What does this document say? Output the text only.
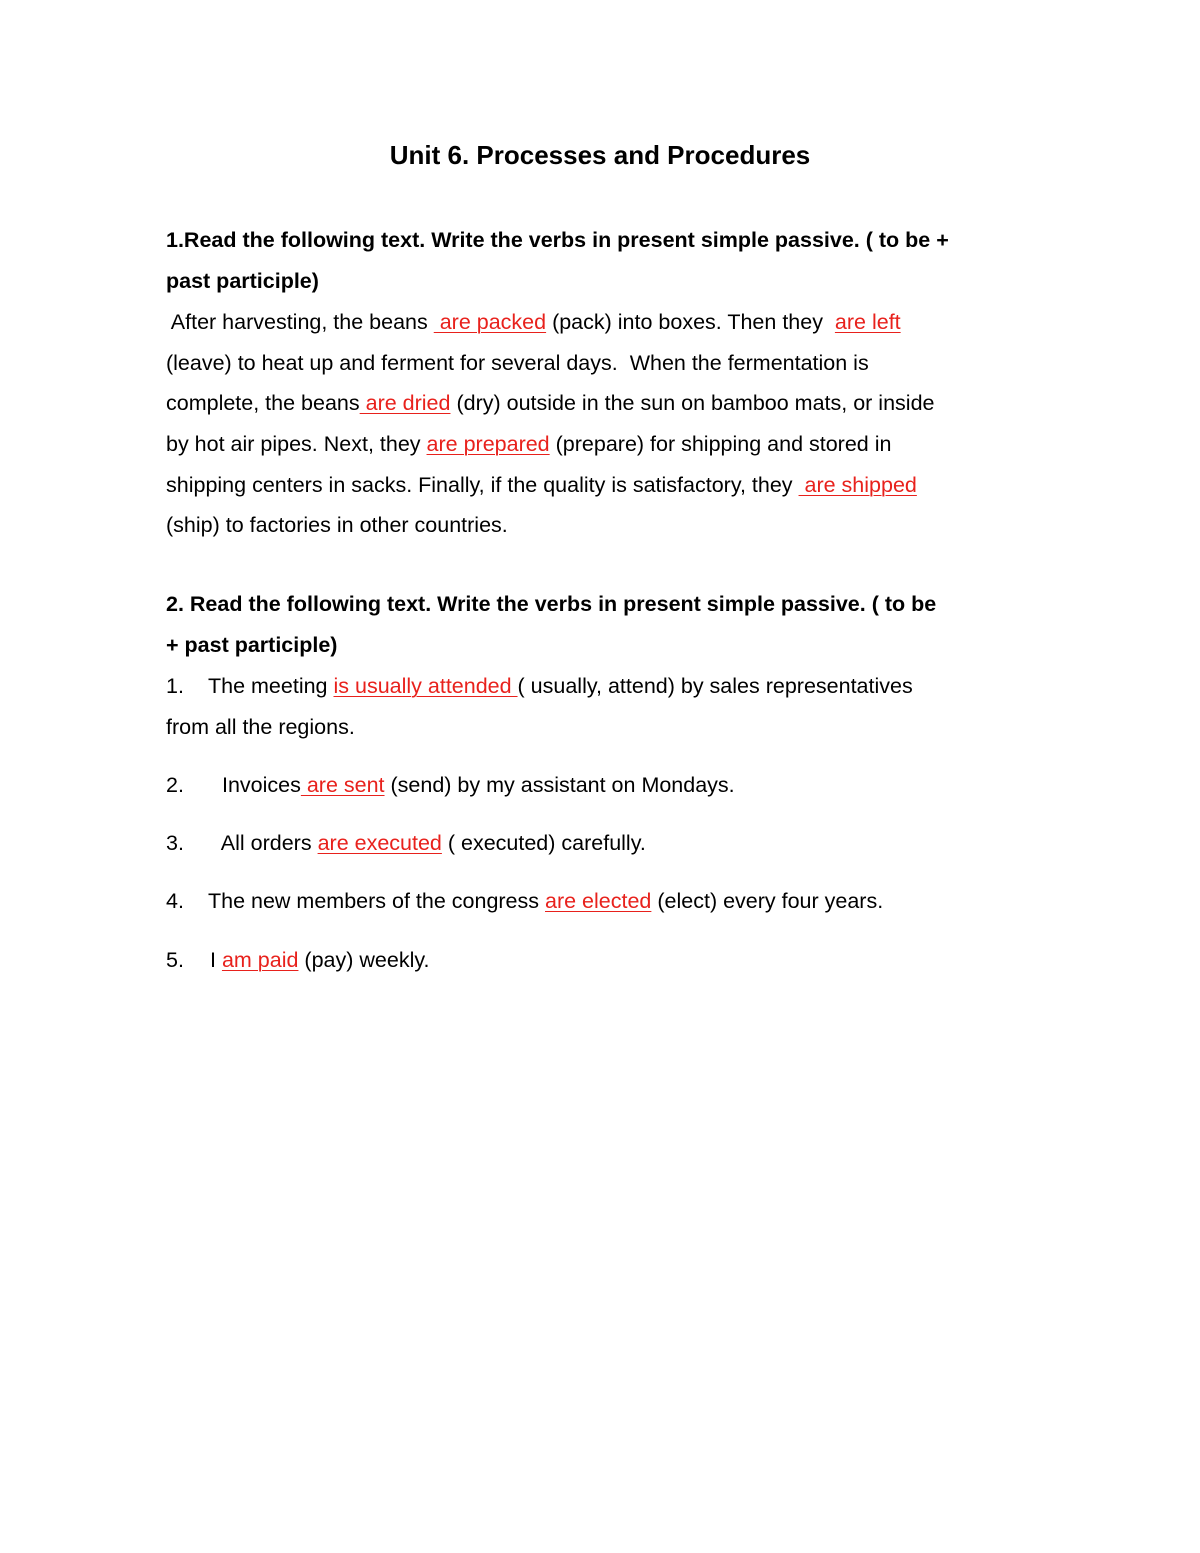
Unit 6. Processes and Procedures
1.Read the following text. Write the verbs in present simple passive. ( to be +
past participle)
After harvesting, the beans  are packed (pack) into boxes. Then they  are left
(leave) to heat up and ferment for several days.  When the fermentation is
complete, the beans are dried (dry) outside in the sun on bamboo mats, or inside
by hot air pipes. Next, they are prepared (prepare) for shipping and stored in
shipping centers in sacks. Finally, if the quality is satisfactory, they  are shipped
(ship) to factories in other countries.
2. Read the following text. Write the verbs in present simple passive. ( to be
+ past participle)
1. The meeting is usually attended ( usually, attend) by sales representatives
from all the regions.
2. Invoices are sent (send) by my assistant on Mondays.
3. All orders are executed ( executed) carefully.
4. The new members of the congress are elected (elect) every four years.
5. I am paid (pay) weekly.
